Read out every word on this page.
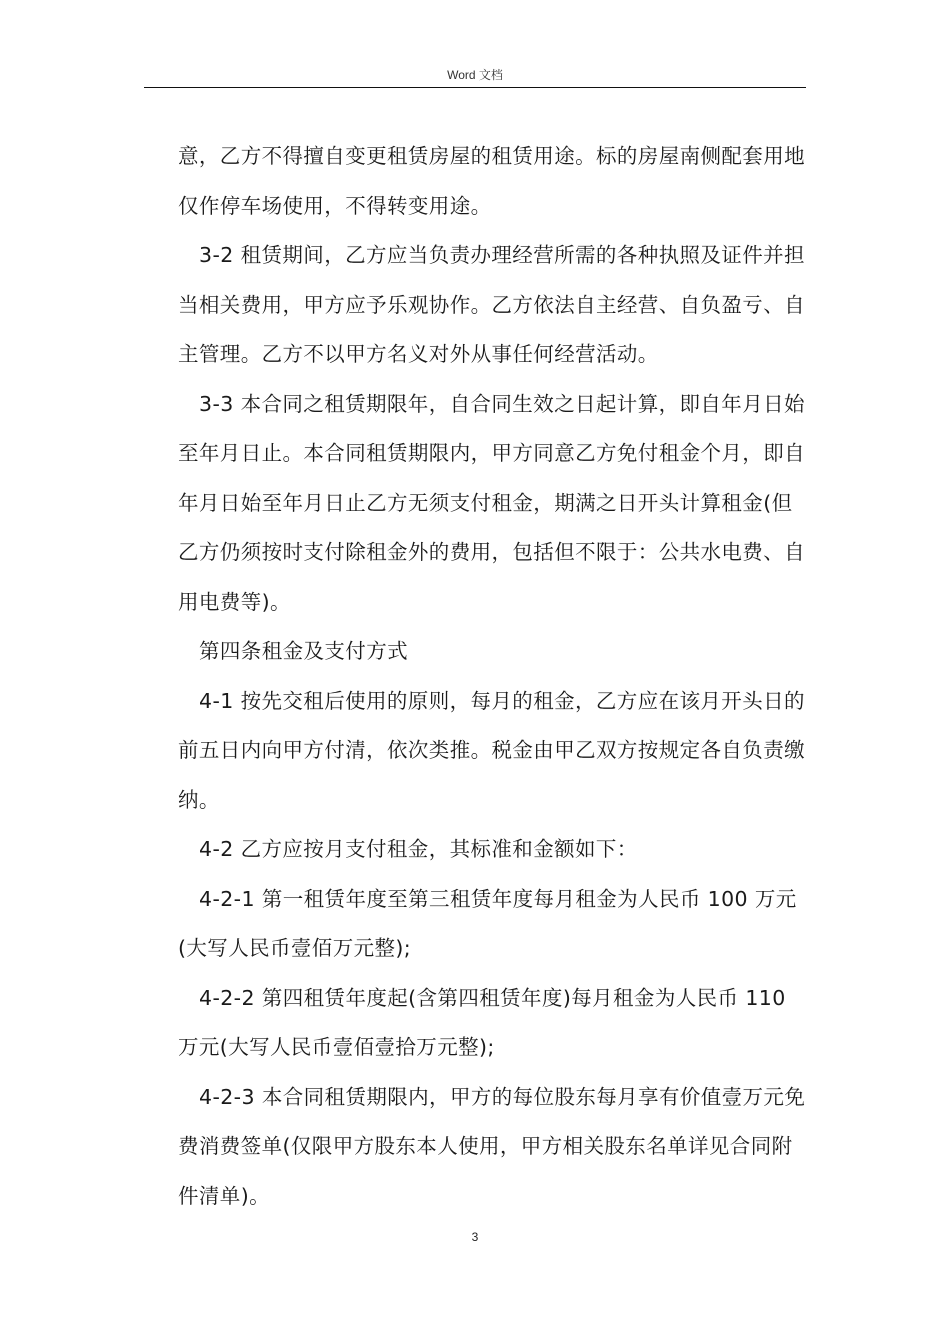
Word 文档

意，乙方不得擅自变更租赁房屋的租赁用途。标的房屋南侧配套用地仅作停车场使用，不得转变用途。

3-2 租赁期间，乙方应当负责办理经营所需的各种执照及证件并担当相关费用，甲方应予乐观协作。乙方依法自主经营、自负盈亏、自主管理。乙方不以甲方名义对外从事任何经营活动。

3-3 本合同之租赁期限年，自合同生效之日起计算，即自年月日始至年月日止。本合同租赁期限内，甲方同意乙方免付租金个月，即自年月日始至年月日止乙方无须支付租金，期满之日开头计算租金(但乙方仍须按时支付除租金外的费用，包括但不限于：公共水电费、自用电费等)。

第四条租金及支付方式

4-1 按先交租后使用的原则，每月的租金，乙方应在该月开头日的前五日内向甲方付清，依次类推。税金由甲乙双方按规定各自负责缴纳。

4-2 乙方应按月支付租金，其标准和金额如下：

4-2-1 第一租赁年度至第三租赁年度每月租金为人民币 100 万元(大写人民币壹佰万元整);

4-2-2 第四租赁年度起(含第四租赁年度)每月租金为人民币 110 万元(大写人民币壹佰壹拾万元整);

4-2-3 本合同租赁期限内，甲方的每位股东每月享有价值壹万元免费消费签单(仅限甲方股东本人使用，甲方相关股东名单详见合同附件清单)。

3
